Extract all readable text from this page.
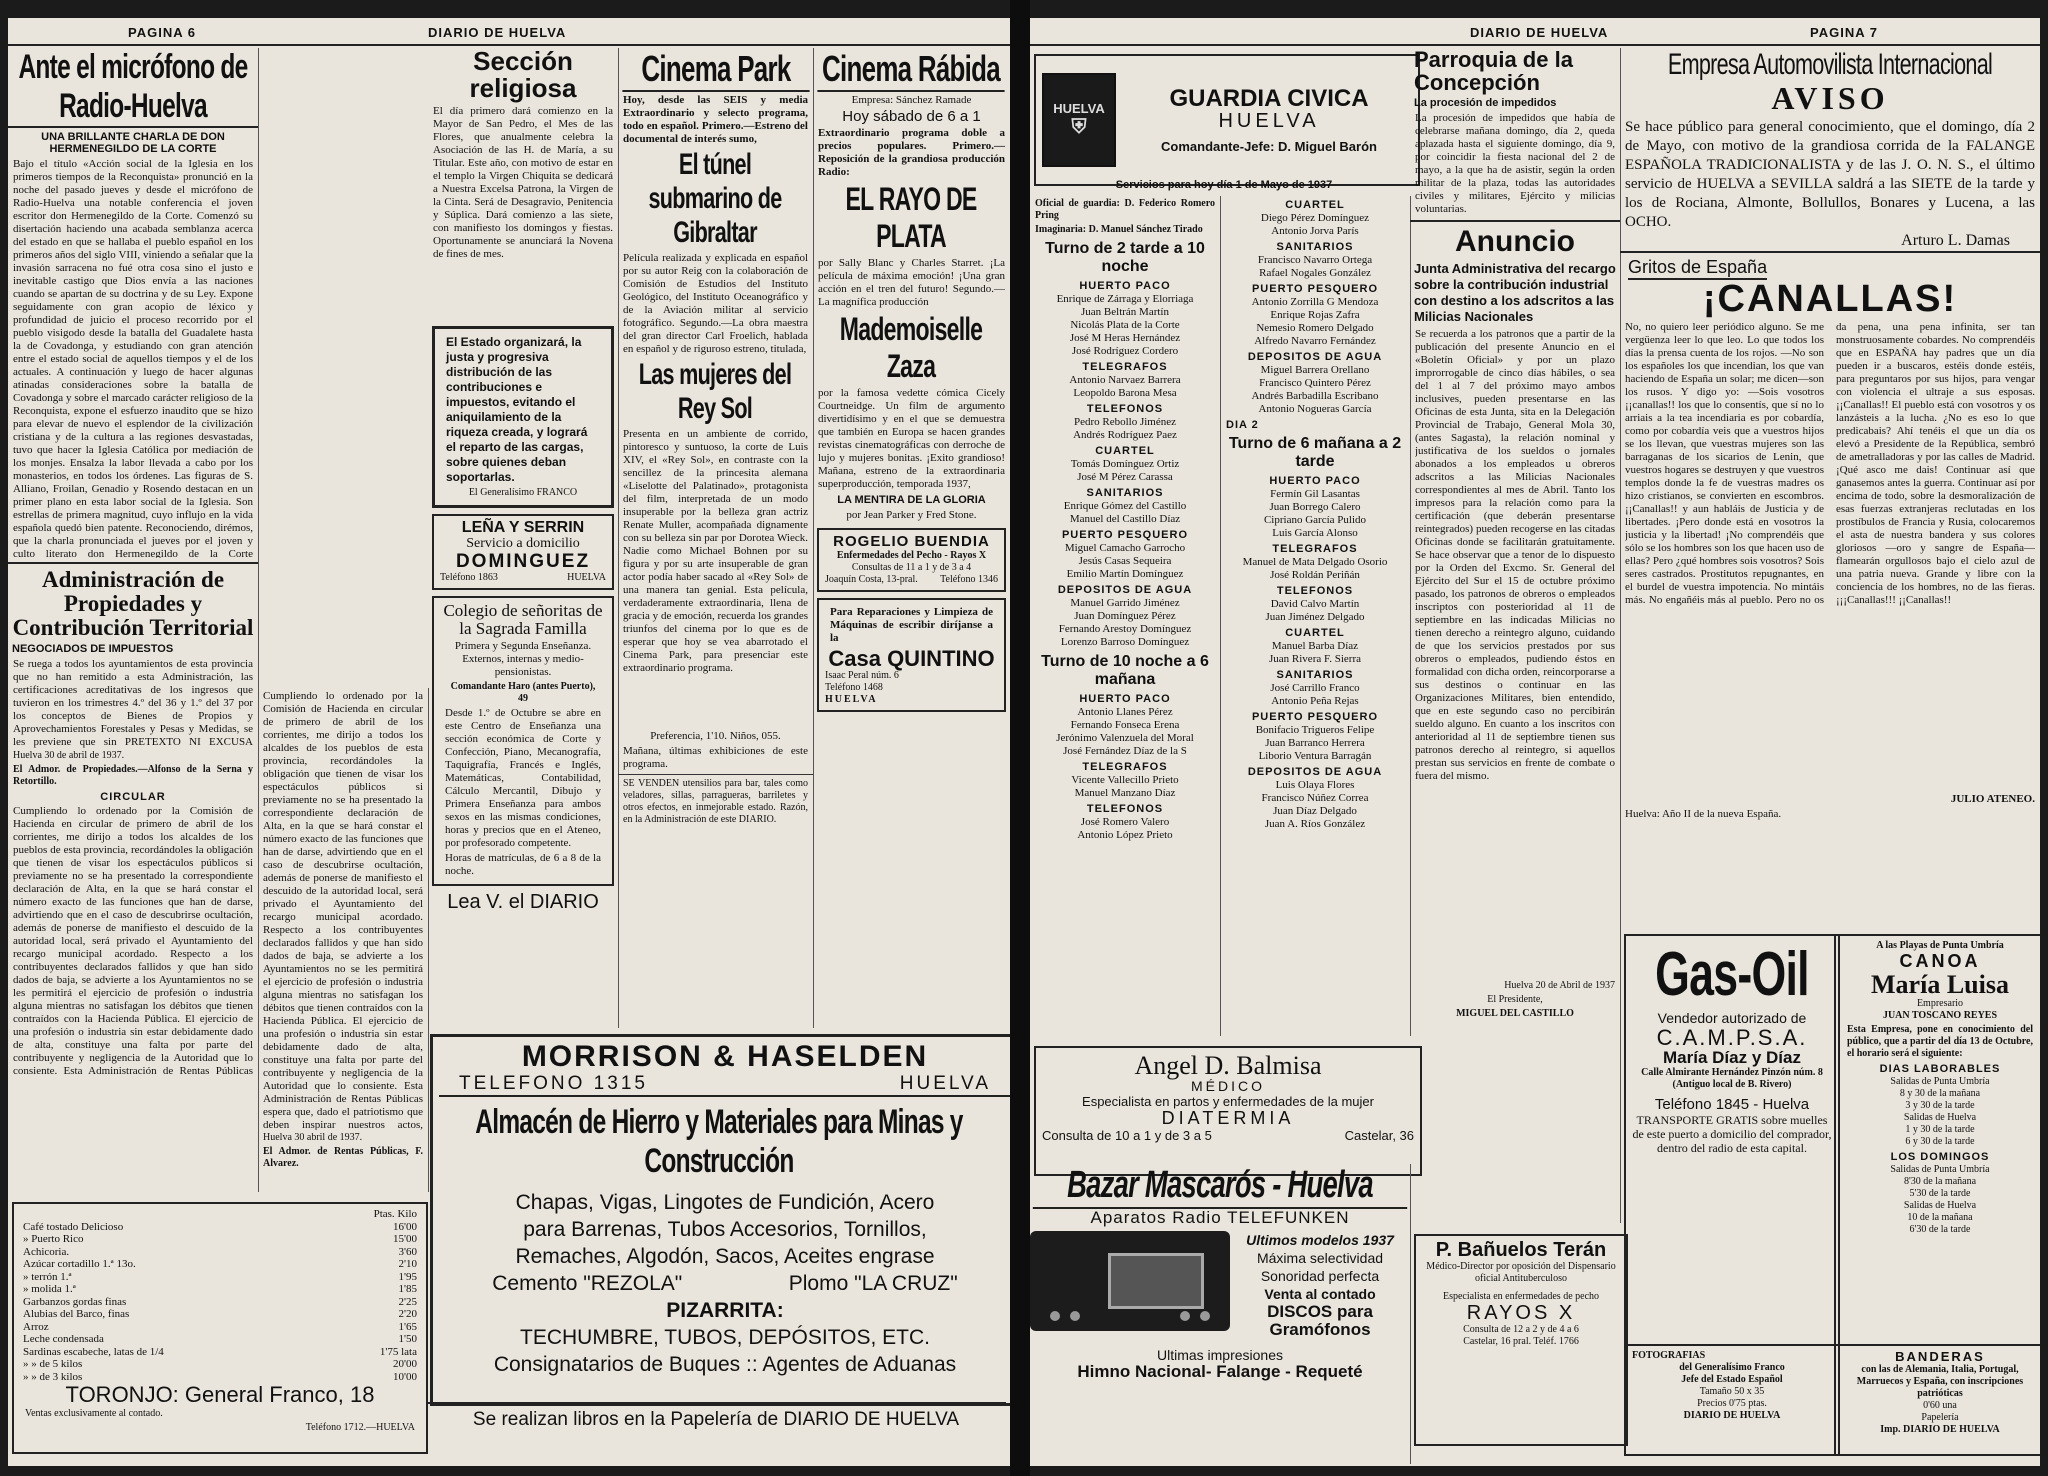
PAGINA 6	DIARIO DE HUELVA
Ante el micrófono de Radio-Huelva
UNA BRILLANTE CHARLA DE DON HERMENEGILDO DE LA CORTE
Bajo el título «Acción social de la Iglesia en los primeros tiempos de la Reconquista» pronunció en la noche del pasado jueves y desde el micrófono de Radio-Huelva una notable conferencia el joven escritor don Hermenegildo de la Corte. Comenzó su disertación haciendo una acabada semblanza acerca del estado en que se hallaba el pueblo español en los primeros años del siglo VIII, viniendo a señalar que la invasión sarracena no fué otra cosa sino el justo e inevitable castigo que Dios envía a las naciones cuando se apartan de su doctrina y de su Ley. Expone seguidamente con gran acopio de léxico y profundidad de juicio el proceso recorrido por el pueblo visigodo desde la batalla del Guadalete hasta la de Covadonga, y estudiando con gran atención entre el estado social de aquellos tiempos y el de los actuales. A continuación y luego de hacer algunas atinadas consideraciones sobre la batalla de Covadonga y sobre el marcado carácter religioso de la Reconquista, expone el esfuerzo inaudito que se hizo para elevar de nuevo el esplendor de la civilización cristiana y de la cultura a las regiones desvastadas, tuvo que hacer la Iglesia Católica por mediación de los monjes. Ensalza la labor llevada a cabo por los monasterios, en todos los órdenes. Las figuras de S. Alliano, Froilan, Genadio y Rosendo destacan en un primer plano en esta labor social de la Iglesia. Son estrellas de primera magnitud, cuyo influjo en la vida española quedó bien patente. Reconociendo, dirémos, que la charla pronunciada el jueves por el joven y culto literato don Hermenegildo de la Corte
Administración de Propiedades y Contribución Territorial
NEGOCIADOS DE IMPUESTOS
Se ruega a todos los ayuntamientos de esta provincia que no han remitido a esta Administración, las certificaciones acreditativas de los ingresos que tuvieron en los trimestres 4.º del 36 y 1.º del 37 por los conceptos de Bienes de Propios y Aprovechamientos Forestales y Pesas y Medidas, se les previene que sin PRETEXTO NI EXCUSA
Huelva 30 de abril de 1937.
El Admor. de Propiedades.—Alfonso de la Serna y Retortillo.
CIRCULAR
Cumpliendo lo ordenado por la Comisión de Hacienda en circular de primero de abril de los corrientes, me dirijo a todos los alcaldes de los pueblos de esta provincia, recordándoles la obligación que tienen de visar los espectáculos públicos si previamente no se ha presentado la correspondiente declaración de Alta, en la que se hará constar el número exacto de las funciones que han de darse, advirtiendo que en el caso de descubrirse ocultación, además de ponerse de manifiesto el descuido de la autoridad local, será privado el Ayuntamiento del recargo municipal acordado. Respecto a los contribuyentes declarados fallidos y que han sido dados de baja, se advierte a los Ayuntamientos no se les permitirá el ejercicio de profesión o industria alguna mientras no satisfagan los débitos que tienen contraídos con la Hacienda Pública. El ejercicio de una profesión o industria sin estar debidamente dado de alta, constituye una falta por parte del contribuyente y negligencia de la Autoridad que lo consiente. Esta Administración de Rentas Públicas
Cumpliendo lo ordenado por la Comisión de Hacienda en circular de primero de abril de los corrientes, me dirijo a todos los alcaldes de los pueblos de esta provincia, recordándoles la obligación que tienen de visar los espectáculos públicos si previamente no se ha presentado la correspondiente declaración de Alta, en la que se hará constar el número exacto de las funciones que han de darse, advirtiendo que en el caso de descubrirse ocultación, además de ponerse de manifiesto el descuido de la autoridad local, será privado el Ayuntamiento del recargo municipal acordado. Respecto a los contribuyentes declarados fallidos y que han sido dados de baja, se advierte a los Ayuntamientos no se les permitirá el ejercicio de profesión o industria alguna mientras no satisfagan los débitos que tienen contraídos con la Hacienda Pública. El ejercicio de una profesión o industria sin estar debidamente dado de alta, constituye una falta por parte del contribuyente y negligencia de la Autoridad que lo consiente. Esta Administración de Rentas Públicas espera que, dado el patriotismo que deben inspirar nuestros actos,
Huelva 30 abril de 1937.
El Admor. de Rentas Públicas, F. Alvarez.
	Ptas. Kilo
Café tostado Delicioso	16'00
» Puerto Rico	15'00
Achicoria.	3'60
Azúcar cortadillo 1.ª 13o.	2'10
» terrón 1.ª	1'95
» molida 1.ª	1'85
Garbanzos gordas finas	2'25
Alubias del Barco, finas	2'20
Arroz	1'65
Leche condensada	1'50
Sardinas escabeche, latas de 1/4	1'75 lata
» » de 5 kilos	20'00
» » de 3 kilos	10'00
TORONJO: General Franco, 18
Ventas exclusivamente al contado.
Teléfono 1712.—HUELVA
Sección religiosa
El día primero dará comienzo en la Mayor de San Pedro, el Mes de las Flores, que anualmente celebra la Asociación de las H. de María, a su Titular. Este año, con motivo de estar en el templo la Virgen Chiquita se dedicará a Nuestra Excelsa Patrona, la Virgen de la Cinta. Será de Desagravio, Penitencia y Súplica. Dará comienzo a las siete, con manifiesto los domingos y fiestas. Oportunamente se anunciará la Novena de fines de mes.
El Estado organizará, la justa y progresiva distribución de las contribuciones e impuestos, evitando el aniquilamiento de la riqueza creada, y logrará el reparto de las cargas, sobre quienes deban soportarlas.
El Generalísimo FRANCO
LEÑA Y SERRIN
Servicio a domicilio
DOMINGUEZ
Teléfono 1863	HUELVA
Colegio de señoritas de la Sagrada Familla
Primera y Segunda Enseñanza. Externos, internas y medio-pensionistas.
Comandante Haro (antes Puerto), 49
Desde 1.º de Octubre se abre en este Centro de Enseñanza una sección económica de Corte y Confección, Piano, Mecanografía, Taquigrafía, Francés e Inglés, Matemáticas, Contabilidad, Cálculo Mercantil, Dibujo y Primera Enseñanza para ambos sexos en las mismas condiciones, horas y precios que en el Ateneo, por profesorado competente.
Horas de matrículas, de 6 a 8 de la noche.
Lea V. el DIARIO
Cinema Park
Hoy, desde las SEIS y media Extraordinario y selecto programa, todo en español. Primero.—Estreno del documental de interés sumo,
El túnel submarino de Gibraltar
Película realizada y explicada en español por su autor Reig con la colaboración de Comisión de Estudios del Instituto Geológico, del Instituto Oceanográfico y de la Aviación militar al servicio fotográfico. Segundo.—La obra maestra del gran director Carl Froelich, hablada en español y de riguroso estreno, titulada,
Las mujeres del Rey Sol
Presenta en un ambiente de corrido, pintoresco y suntuoso, la corte de Luis XIV, el «Rey Sol», en contraste con la sencillez de la princesita alemana «Liselotte del Palatinado», protagonista del film, interpretada de un modo insuperable por la belleza gran actriz Renate Muller, acompañada dignamente con su belleza sin par por Dorotea Wieck. Nadie como Michael Bohnen por su figura y por su arte insuperable de gran actor podía haber sacado al «Rey Sol» de una manera tan genial. Esta película, verdaderamente extraordinaria, llena de gracia y de emoción, recuerda los grandes triunfos del cinema por lo que es de esperar que hoy se vea abarrotado el Cinema Park, para presenciar este extraordinario programa.
Preferencia, 1'10. Niños, 055.
Mañana, últimas exhibiciones de este programa.
SE VENDEN utensilios para bar, tales como veladores, sillas, parragueras, barriletes y otros efectos, en inmejorable estado. Razón, en la Administración de este DIARIO.
Cinema Rábida
Empresa: Sánchez Ramade
Hoy sábado de 6 a 1
Extraordinario programa doble a precios populares. Primero.—Reposición de la grandiosa producción Radio:
EL RAYO DE PLATA
por Sally Blanc y Charles Starret. ¡La película de máxima emoción! ¡Una gran acción en el tren del futuro! Segundo.—La magnífica producción
Mademoiselle Zaza
por la famosa vedette cómica Cicely Courtneidge. Un film de argumento divertidísimo y en el que se demuestra que también en Europa se hacen grandes revistas cinematográficas con derroche de lujo y mujeres bonitas. ¡Exito grandioso! Mañana, estreno de la extraordinaria superproducción, temporada 1937,
LA MENTIRA DE LA GLORIA
por Jean Parker y Fred Stone.
ROGELIO BUENDIA
Enfermedades del Pecho - Rayos X
Consultas de 11 a 1 y de 3 a 4
Joaquín Costa, 13-pral. Teléfono 1346
Para Reparaciones y Limpieza de Máquinas de escribir diríjanse a la
Casa QUINTINO
Isaac Peral núm. 6
Teléfono 1468
HUELVA
MORRISON & HASELDEN
TELEFONO 1315	HUELVA
Almacén de Hierro y Materiales para Minas y Construcción
Chapas, Vigas, Lingotes de Fundición, Acero
para Barrenas, Tubos Accesorios, Tornillos,
Remaches, Algodón, Sacos, Aceites engrase
Cemento "REZOLA"	Plomo "LA CRUZ"
PIZARRITA:
TECHUMBRE, TUBOS, DEPÓSITOS, ETC.
Consignatarios de Buques :: Agentes de Aduanas
Se realizan libros en la Papelería de DIARIO DE HUELVA
DIARIO DE HUELVA	PAGINA 7
HUELVA
⛨
GUARDIA CIVICA
HUELVA
Comandante-Jefe: D. Miguel Barón
Servicios para hoy día 1 de Mayo de 1937
Oficial de guardia: D. Federico Romero Pring
Imaginaria: D. Manuel Sánchez Tirado
Turno de 2 tarde a 10 noche
HUERTO PACO
Enrique de Zárraga y Elorriaga
Juan Beltrán Martín
Nicolás Plata de la Corte
José M Heras Hernández
José Rodríguez Cordero
TELEGRAFOS
Antonio Narvaez Barrera
Leopoldo Barona Mesa
TELEFONOS
Pedro Rebollo Jiménez
Andrés Rodríguez Paez
CUARTEL
Tomás Domínguez Ortiz
José M Pérez Carassa
SANITARIOS
Enrique Gómez del Castillo
Manuel del Castillo Díaz
PUERTO PESQUERO
Miguel Camacho Garrocho
Jesús Casas Sequeira
Emilio Martín Domínguez
DEPOSITOS DE AGUA
Manuel Garrido Jiménez
Juan Domínguez Pérez
Fernando Arestoy Domínguez
Lorenzo Barroso Domínguez
Turno de 10 noche a 6 mañana
HUERTO PACO
Antonio Llanes Pérez
Fernando Fonseca Erena
Jerónimo Valenzuela del Moral
José Fernández Díaz de la S
TELEGRAFOS
Vicente Vallecillo Prieto
Manuel Manzano Díaz
TELEFONOS
José Romero Valero
Antonio López Prieto
CUARTEL
Diego Pérez Domínguez
Antonio Jorva París
SANITARIOS
Francisco Navarro Ortega
Rafael Nogales González
PUERTO PESQUERO
Antonio Zorrilla G Mendoza
Enrique Rojas Zafra
Nemesio Romero Delgado
Alfredo Navarro Fernández
DEPOSITOS DE AGUA
Miguel Barrera Orellano
Francisco Quintero Pérez
Andrés Barbadilla Escribano
Antonio Nogueras García
DIA 2
Turno de 6 mañana a 2 tarde
HUERTO PACO
Fermín Gil Lasantas
Juan Borrego Calero
Cipriano García Pulido
Luis García Alonso
TELEGRAFOS
Manuel de Mata Delgado Osorio
José Roldán Periñán
TELEFONOS
David Calvo Martín
Juan Jiménez Delgado
CUARTEL
Manuel Barba Díaz
Juan Rivera F. Sierra
SANITARIOS
José Carrillo Franco
Antonio Peña Rejas
PUERTO PESQUERO
Bonifacio Trigueros Felipe
Juan Barranco Herrera
Liborio Ventura Barragán
DEPOSITOS DE AGUA
Luis Olaya Flores
Francisco Núñez Correa
Juan Díaz Delgado
Juan A. Ríos González
Parroquia de la Concepción
La procesión de impedidos
La procesión de impedidos que había de celebrarse mañana domingo, día 2, queda aplazada hasta el siguiente domingo, día 9, por coincidir la fiesta nacional del 2 de mayo, a la que ha de asistir, según la orden militar de la plaza, todas las autoridades civiles y militares, Ejército y milicias voluntarias.
Anuncio
Junta Administrativa del recargo sobre la contribución industrial con destino a los adscritos a las Milicias Nacionales
Se recuerda a los patronos que a partir de la publicación del presente Anuncio en el «Boletín Oficial» y por un plazo improrrogable de cinco días hábiles, o sea del 1 al 7 del próximo mayo ambos inclusives, pueden presentarse en las Oficinas de esta Junta, sita en la Delegación Provincial de Trabajo, General Mola 30, (antes Sagasta), la relación nominal y justificativa de los sueldos o jornales abonados a los empleados u obreros adscritos a las Milicias Nacionales correspondientes al mes de Abril. Tanto los impresos para la relación como para la certificación (que deberán presentarse reintegrados) pueden recogerse en las citadas Oficinas donde se facilitarán gratuitamente. Se hace observar que a tenor de lo dispuesto por la Orden del Excmo. Sr. General del Ejército del Sur el 15 de octubre próximo pasado, los patronos de obreros o empleados inscriptos con posterioridad al 11 de septiembre en las indicadas Milicias no tienen derecho a reintegro alguno, cuidando de que los servicios prestados por sus obreros o empleados, pudiendo éstos en formalidad con dicha orden, reincorporarse a sus destinos o continuar en las Organizaciones Militares, bien entendido, que en este segundo caso no percibirán sueldo alguno. En cuanto a los inscritos con anterioridad al 11 de septiembre tienen sus patronos derecho al reintegro, si aquellos prestan sus servicios en frente de combate o fuera del mismo.
Huelva 20 de Abril de 1937
El Presidente,
MIGUEL DEL CASTILLO
Angel D. Balmisa
MÉDICO
Especialista en partos y enfermedades de la mujer
DIATERMIA
Consulta de 10 a 1 y de 3 a 5	Castelar, 36
Bazar Mascarós - Huelva
Aparatos Radio TELEFUNKEN
Ultimos modelos 1937
Máxima selectividad
Sonoridad perfecta
Venta al contado
DISCOS para Gramófonos
Ultimas impresiones
Himno Nacional- Falange - Requeté
P. Bañuelos Terán
Médico-Director por oposición del Dispensario oficial Antituberculoso
Especialista en enfermedades de pecho
RAYOS X
Consulta de 12 a 2 y de 4 a 6
Castelar, 16 pral. Teléf. 1766
Empresa Automovilista Internacional
AVISO
Se hace público para general conocimiento, que el domingo, día 2 de Mayo, con motivo de la grandiosa corrida de la FALANGE ESPAÑOLA TRADICIONALISTA y de las J. O. N. S., el último servicio de HUELVA a SEVILLA saldrá a las SIETE de la tarde y los de Rociana, Almonte, Bollullos, Bonares y Lucena, a las OCHO.
Arturo L. Damas
Gritos de España
¡CANALLAS!
No, no quiero leer periódico alguno. Se me vergüenza leer lo que leo. Lo que todos los días la prensa cuenta de los rojos. —No son los españoles los que incendian, los que van haciendo de España un solar; me dicen—son los rusos. Y digo yo: —Sois vosotros ¡¡canallas!! los que lo consentís, que sí no lo arriais a la tea incendiaria es por cobardía, como por cobardía veis que a vuestros hijos se los llevan, que vuestras mujeres son las barraganas de los sicarios de Lenin, que vuestros hogares se destruyen y que vuestros templos donde la fe de vuestras madres os hizo cristianos, se convierten en escombros. ¡¡Canallas!! y aun habláis de Justicia y de libertades. ¡Pero donde está en vosotros la justicia y la libertad! ¡No comprendéis que sólo se los hombres son los que hacen uso de ellas? Pero ¿qué hombres sois vosotros? Sois seres castrados. Prostitutos repugnantes, en el burdel de vuestra impotencia. No mintáis más. No engañéis más al pueblo. Pero no os da pena, una pena infinita, ser tan monstruosamente cobardes. No comprendéis que en ESPAÑA hay padres que un día pueden ir a buscaros, estéis donde estéis, para preguntaros por sus hijos, para vengar con violencia el ultraje a sus esposas. ¡¡Canallas!! El pueblo está con vosotros y os lanzásteis a la lucha. ¿No es eso lo que predicabais? Ahí tenéis el que un día os elevó a Presidente de la República, sembró de ametralladoras y por las calles de Madrid. ¡Qué asco me dais! Continuar así que ganasemos antes la guerra. Continuar así por encima de todo, sobre la desmoralización de esas fuerzas extranjeras reclutadas en los prostíbulos de Francia y Rusia, colocaremos el asta de nuestra bandera y sus colores gloriosos —oro y sangre de España— flamearán orgullosos bajo el cielo azul de una patria nueva. Grande y libre con la conciencia de los hombres, no de las fieras. ¡¡¡Canallas!!! ¡¡Canallas!!
JULIO ATENEO.
Huelva: Año II de la nueva España.
Gas-Oil
Vendedor autorizado de
C.A.M.P.S.A.
María Díaz y Díaz
Calle Almirante Hernández Pinzón núm. 8 (Antiguo local de B. Rivero)
Teléfono 1845 - Huelva
TRANSPORTE GRATIS sobre muelles de este puerto a domicilio del comprador, dentro del radio de esta capital.
FOTOGRAFIAS
del Generalísimo Franco
Jefe del Estado Español
Tamaño 50 x 35
Precios 0'75 ptas.
DIARIO DE HUELVA
A las Playas de Punta Umbría
CANOA
María Luisa
Empresario
JUAN TOSCANO REYES
Esta Empresa, pone en conocimiento del público, que a partir del día 13 de Octubre, el horario será el siguiente:
DIAS LABORABLES
Salidas de Punta Umbría
8 y 30 de la mañana
3 y 30 de la tarde
Salidas de Huelva
1 y 30 de la tarde
6 y 30 de la tarde
LOS DOMINGOS
Salidas de Punta Umbría
8'30 de la mañana
5'30 de la tarde
Salidas de Huelva
10 de la mañana
6'30 de la tarde
BANDERAS
con las de Alemania, Italia, Portugal, Marruecos y España, con inscripciones patrióticas
0'60 una
Papelería
Imp. DIARIO DE HUELVA
